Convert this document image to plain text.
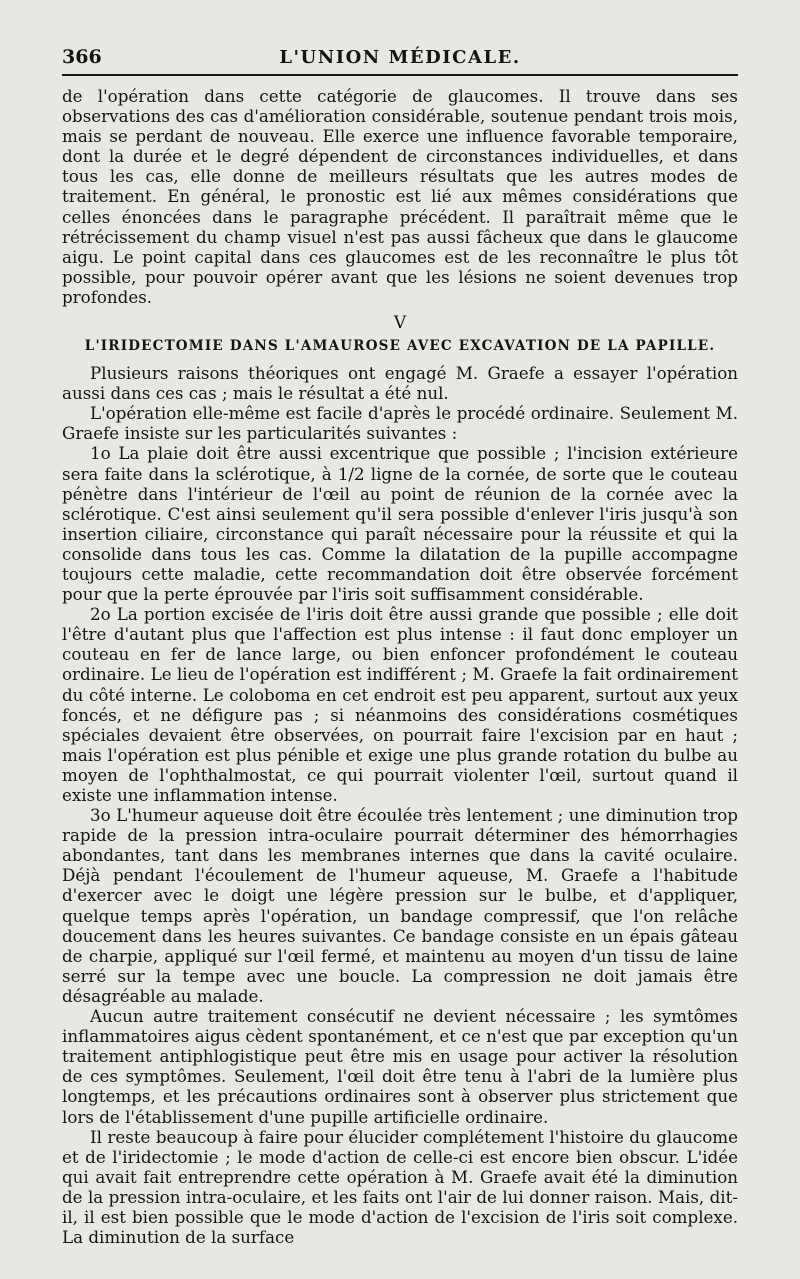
366	L'UNION MÉDICALE.

de l'opération dans cette catégorie de glaucomes. Il trouve dans ses observations des cas d'amélioration considérable, soutenue pendant trois mois, mais se perdant de nouveau. Elle exerce une influence favorable temporaire, dont la durée et le degré dépendent de circonstances individuelles, et dans tous les cas, elle donne de meilleurs résultats que les autres modes de traitement. En général, le pronostic est lié aux mêmes considérations que celles énoncées dans le paragraphe précédent. Il paraîtrait même que le rétrécissement du champ visuel n'est pas aussi fâcheux que dans le glaucome aigu. Le point capital dans ces glaucomes est de les reconnaître le plus tôt possible, pour pouvoir opérer avant que les lésions ne soient devenues trop profondes.

V
L'IRIDECTOMIE DANS L'AMAUROSE AVEC EXCAVATION DE LA PAPILLE.

Plusieurs raisons théoriques ont engagé M. Graefe a essayer l'opération aussi dans ces cas ; mais le résultat a été nul.

L'opération elle-même est facile d'après le procédé ordinaire. Seulement M. Graefe insiste sur les particularités suivantes :

1o La plaie doit être aussi excentrique que possible ; l'incision extérieure sera faite dans la sclérotique, à 1/2 ligne de la cornée, de sorte que le couteau pénètre dans l'intérieur de l'œil au point de réunion de la cornée avec la sclérotique. C'est ainsi seulement qu'il sera possible d'enlever l'iris jusqu'à son insertion ciliaire, circonstance qui paraît nécessaire pour la réussite et qui la consolide dans tous les cas. Comme la dilatation de la pupille accompagne toujours cette maladie, cette recommandation doit être observée forcément pour que la perte éprouvée par l'iris soit suffisamment considérable.

2o La portion excisée de l'iris doit être aussi grande que possible ; elle doit l'être d'autant plus que l'affection est plus intense : il faut donc employer un couteau en fer de lance large, ou bien enfoncer profondément le couteau ordinaire. Le lieu de l'opération est indifférent ; M. Graefe la fait ordinairement du côté interne. Le coloboma en cet endroit est peu apparent, surtout aux yeux foncés, et ne défigure pas ; si néanmoins des considérations cosmétiques spéciales devaient être observées, on pourrait faire l'excision par en haut ; mais l'opération est plus pénible et exige une plus grande rotation du bulbe au moyen de l'ophthalmostat, ce qui pourrait violenter l'œil, surtout quand il existe une inflammation intense.

3o L'humeur aqueuse doit être écoulée très lentement ; une diminution trop rapide de la pression intra-oculaire pourrait déterminer des hémorrhagies abondantes, tant dans les membranes internes que dans la cavité oculaire. Déjà pendant l'écoulement de l'humeur aqueuse, M. Graefe a l'habitude d'exercer avec le doigt une légère pression sur le bulbe, et d'appliquer, quelque temps après l'opération, un bandage compressif, que l'on relâche doucement dans les heures suivantes. Ce bandage consiste en un épais gâteau de charpie, appliqué sur l'œil fermé, et maintenu au moyen d'un tissu de laine serré sur la tempe avec une boucle. La compression ne doit jamais être désagréable au malade.

Aucun autre traitement consécutif ne devient nécessaire ; les symtômes inflammatoires aigus cèdent spontanément, et ce n'est que par exception qu'un traitement antiphlogistique peut être mis en usage pour activer la résolution de ces symptômes. Seulement, l'œil doit être tenu à l'abri de la lumière plus longtemps, et les précautions ordinaires sont à observer plus strictement que lors de l'établissement d'une pupille artificielle ordinaire.

Il reste beaucoup à faire pour élucider complétement l'histoire du glaucome et de l'iridectomie ; le mode d'action de celle-ci est encore bien obscur. L'idée qui avait fait entreprendre cette opération à M. Graefe avait été la diminution de la pression intra-oculaire, et les faits ont l'air de lui donner raison. Mais, dit-il, il est bien possible que le mode d'action de l'excision de l'iris soit complexe. La diminution de la surface
